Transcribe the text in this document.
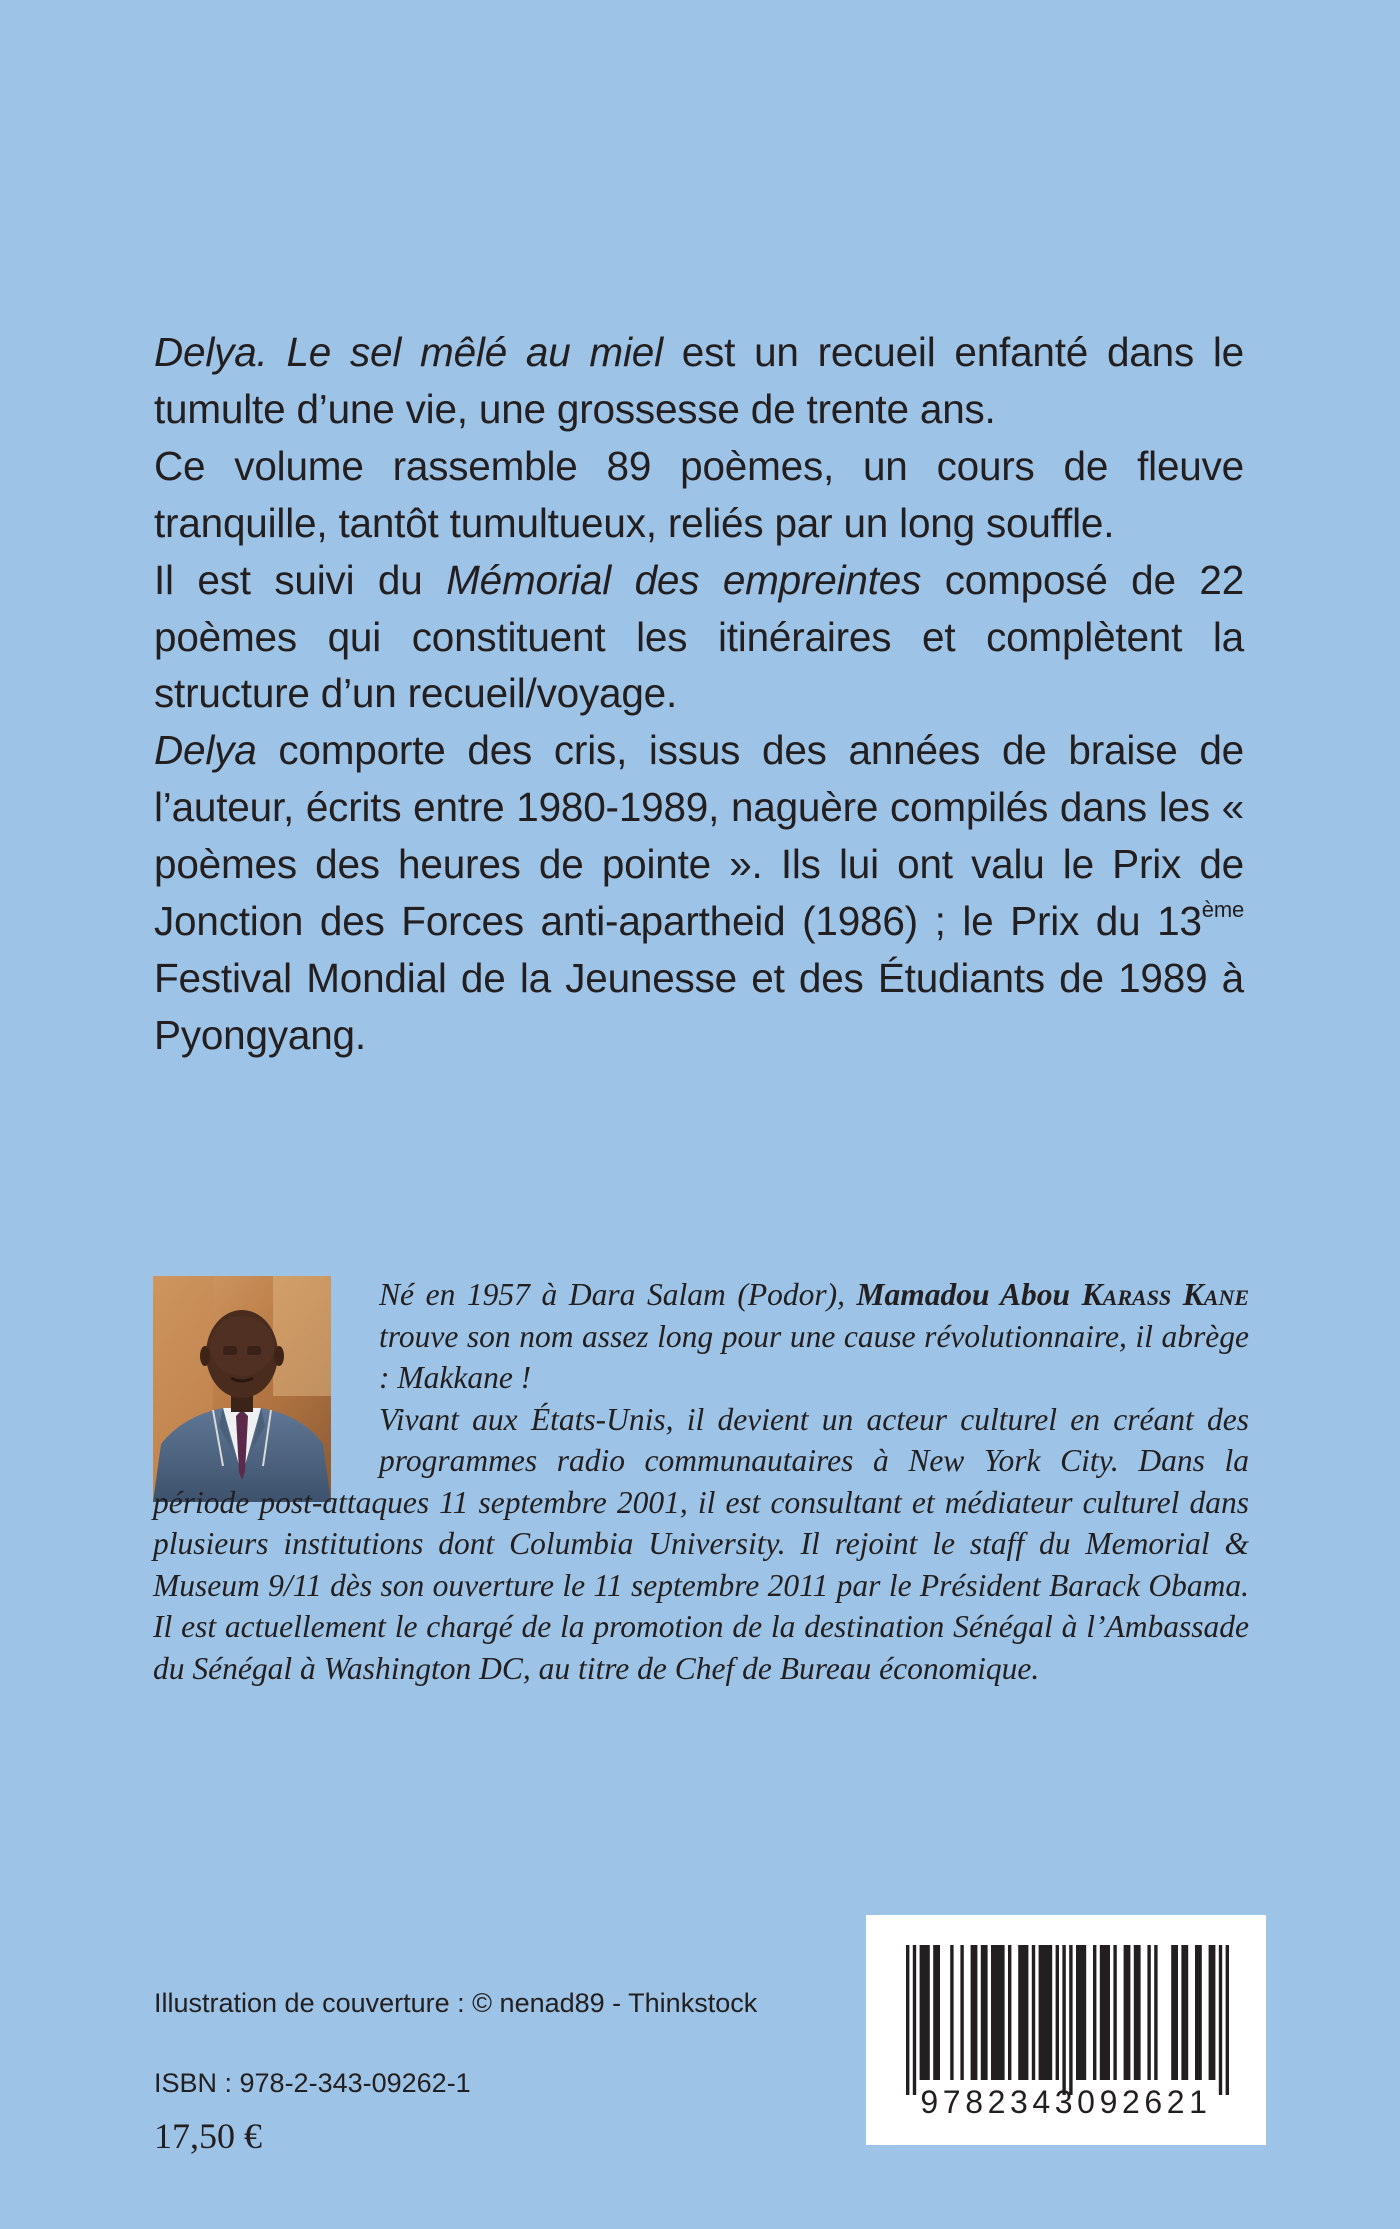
Delya. Le sel mêlé au miel est un recueil enfanté dans le tumulte d’une vie, une grossesse de trente ans.

Ce volume rassemble 89 poèmes, un cours de fleuve tranquille, tantôt tumultueux, reliés par un long souffle.

Il est suivi du Mémorial des empreintes composé de 22 poèmes qui constituent les itinéraires et complètent la structure d’un recueil/voyage.

Delya comporte des cris, issus des années de braise de l’auteur, écrits entre 1980-1989, naguère compilés dans les « poèmes des heures de pointe ». Ils lui ont valu le Prix de Jonction des Forces anti-apartheid (1986) ; le Prix du 13ème Festival Mondial de la Jeunesse et des Étudiants de 1989 à Pyongyang.

Né en 1957 à Dara Salam (Podor), Mamadou Abou Karass Kane trouve son nom assez long pour une cause révolutionnaire, il abrège : Makkane !

Vivant aux États-Unis, il devient un acteur culturel en créant des programmes radio communautaires à New York City. Dans la période post-attaques 11 septembre 2001, il est consultant et médiateur culturel dans plusieurs institutions dont Columbia University. Il rejoint le staff du Memorial & Museum 9/11 dès son ouverture le 11 septembre 2011 par le Président Barack Obama. Il est actuellement le chargé de la promotion de la destination Sénégal à l’Ambassade du Sénégal à Washington DC, au titre de Chef de Bureau économique.

Illustration de couverture : © nenad89 - Thinkstock
ISBN : 978-2-343-09262-1
17,50 €
9782343092621
